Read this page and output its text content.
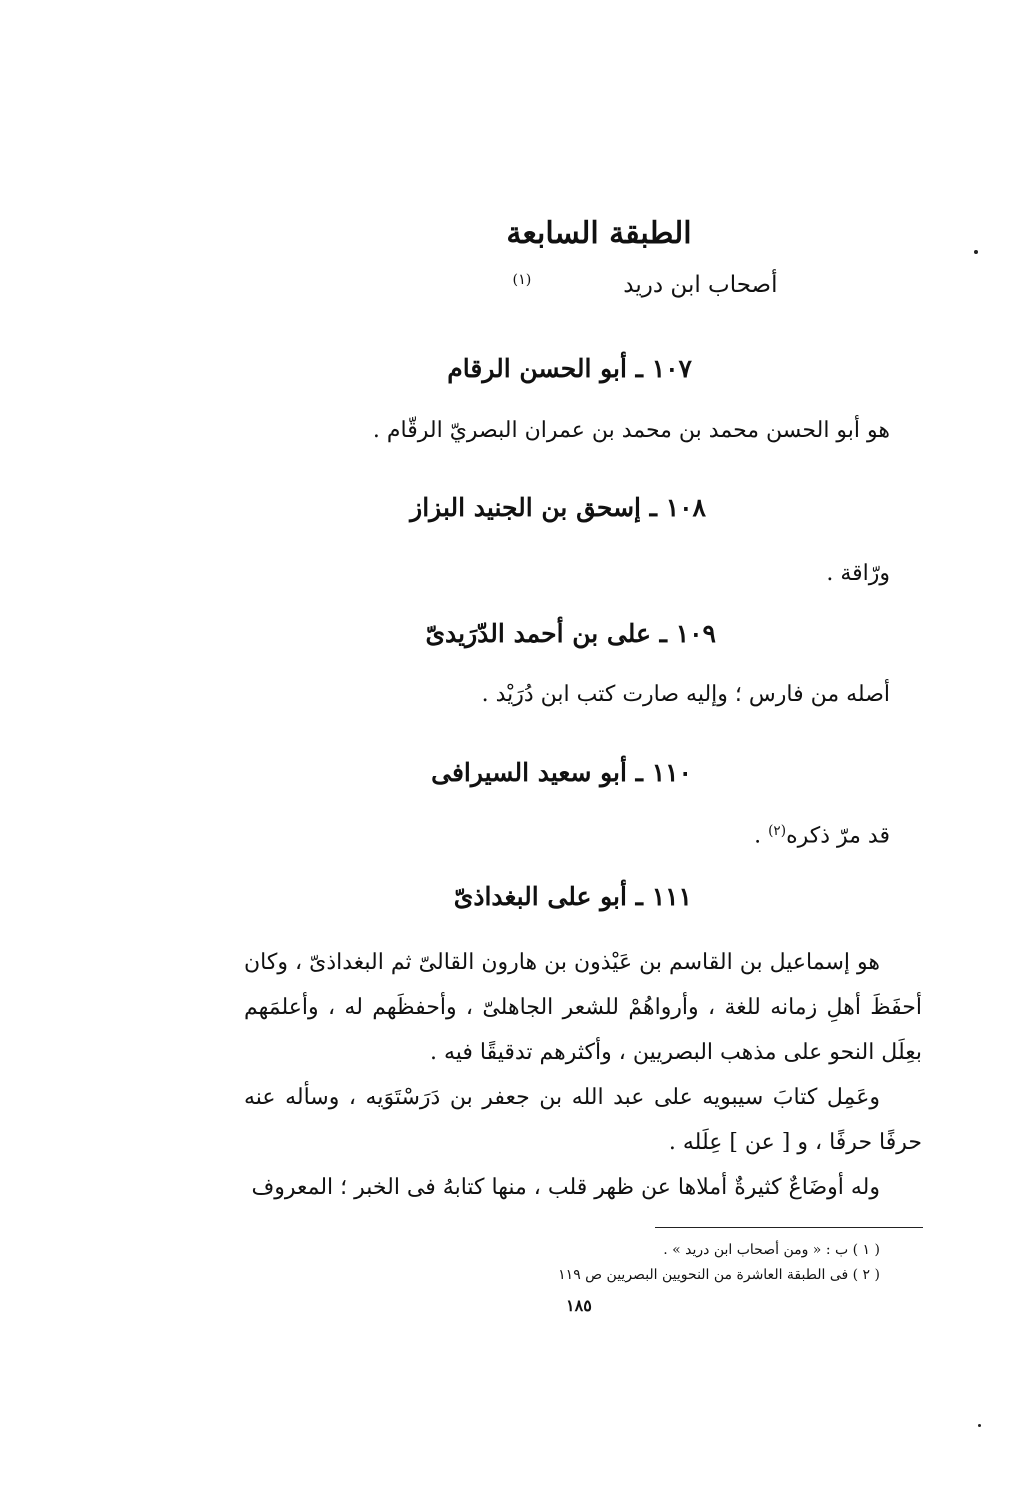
الطبقة السابعة
أصحاب ابن دريد$^{(١)}$
١٠٧ ـ أبو الحسن الرقام
هو أبو الحسن محمد بن محمد بن عمران البصريّ الرقّام .
١٠٨ ـ إسحق بن الجنيد البزاز
ورّاقة .
١٠٩ ـ على بن أحمد الدّرَيدىّ
أصله من فارس ؛ وإليه صارت كتب ابن دُرَيْد .
١١٠ ـ أبو سعيد السيرافى
قد مرّ ذكره$^{(٢)}$ .
١١١ ـ أبو على البغداذىّ

هو إسماعيل بن القاسم بن عَيْذون بن هارون القالىّ ثم البغداذىّ ، وكان أحفَظَ أهلِ زمانه للغة ، وأرواهُمْ للشعر الجاهلىّ ، وأحفظَهم له ، وأعلمَهم بعِلَل النحو على مذهب البصريين ، وأكثرهم تدقيقًا فيه .

وعَمِل كتابَ سيبويه على عبد الله بن جعفر بن دَرَسْتَوَيه ، وسأله عنه حرفًا حرفًا ، و [ عن ] عِلَله .

وله أوضَاعٌ كثيرةٌ أملاها عن ظهر قلب ، منها كتابهُ فى الخبر ؛ المعروف

( ١ ) ب : « ومن أصحاب ابن دريد » .
( ٢ ) فى الطبقة العاشرة من النحويين البصريين ص ١١٩
١٨٥
